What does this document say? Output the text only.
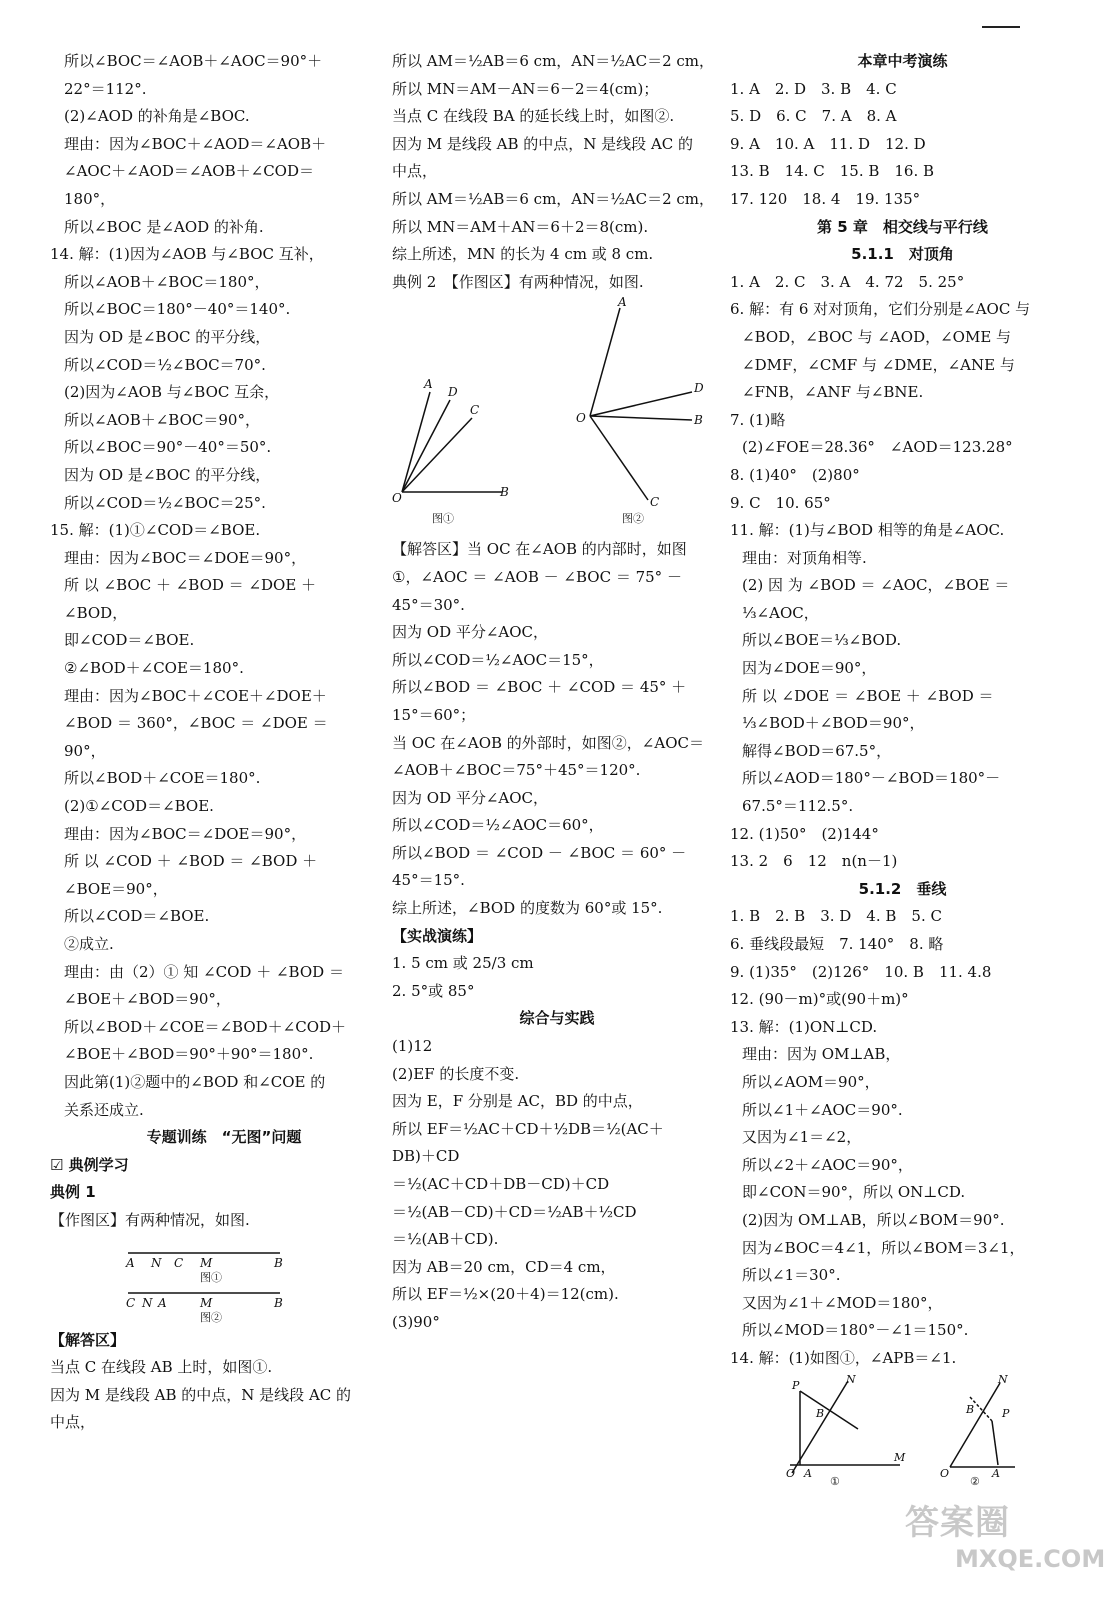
所以∠BOC＝∠AOB＋∠AOC＝90°＋
22°＝112°.
(2)∠AOD 的补角是∠BOC.
理由：因为∠BOC＋∠AOD＝∠AOB＋
∠AOC＋∠AOD＝∠AOB＋∠COD＝
180°，
所以∠BOC 是∠AOD 的补角.
14. 解：(1)因为∠AOB 与∠BOC 互补，
所以∠AOB＋∠BOC＝180°，
所以∠BOC＝180°－40°＝140°.
因为 OD 是∠BOC 的平分线，
所以∠COD＝½∠BOC＝70°.
(2)因为∠AOB 与∠BOC 互余，
所以∠AOB＋∠BOC＝90°，
所以∠BOC＝90°－40°＝50°.
因为 OD 是∠BOC 的平分线，
所以∠COD＝½∠BOC＝25°.
15. 解：(1)①∠COD＝∠BOE.
理由：因为∠BOC＝∠DOE＝90°，
所 以 ∠BOC ＋ ∠BOD ＝ ∠DOE ＋
∠BOD，
即∠COD＝∠BOE.
②∠BOD＋∠COE＝180°.
理由：因为∠BOC＋∠COE＋∠DOE＋
∠BOD ＝ 360°，∠BOC ＝ ∠DOE ＝
90°，
所以∠BOD＋∠COE＝180°.
(2)①∠COD＝∠BOE.
理由：因为∠BOC＝∠DOE＝90°，
所 以 ∠COD ＋ ∠BOD ＝ ∠BOD ＋
∠BOE＝90°，
所以∠COD＝∠BOE.
②成立.
理由：由（2）① 知 ∠COD ＋ ∠BOD ＝
∠BOE＋∠BOD＝90°，
所以∠BOD＋∠COE＝∠BOD＋∠COD＋
∠BOE＋∠BOD＝90°＋90°＝180°.
因此第(1)②题中的∠BOD 和∠COE 的
关系还成立.
专题训练　“无图”问题
☑ 典例学习
典例 1
【作图区】有两种情况，如图.
A N C M	B
图①
C N A	M	B
图②
【解答区】
当点 C 在线段 AB 上时，如图①.
因为 M 是线段 AB 的中点，N 是线段 AC 的
中点，
所以 AM＝½AB＝6 cm，AN＝½AC＝2 cm，
所以 MN＝AM－AN＝6－2＝4(cm)；
当点 C 在线段 BA 的延长线上时，如图②.
因为 M 是线段 AB 的中点，N 是线段 AC 的
中点，
所以 AM＝½AB＝6 cm，AN＝½AC＝2 cm，
所以 MN＝AM＋AN＝6＋2＝8(cm).
综上所述，MN 的长为 4 cm 或 8 cm.
典例 2　【作图区】有两种情况，如图.
A
D
C
O	B
A
D
O	B
C
图①	图②
【解答区】当 OC 在∠AOB 的内部时，如图
①，∠AOC ＝ ∠AOB － ∠BOC ＝ 75° －
45°＝30°.
因为 OD 平分∠AOC，
所以∠COD＝½∠AOC＝15°，
所以∠BOD ＝ ∠BOC ＋ ∠COD ＝ 45° ＋
15°＝60°；
当 OC 在∠AOB 的外部时，如图②，∠AOC＝
∠AOB＋∠BOC＝75°＋45°＝120°.
因为 OD 平分∠AOC，
所以∠COD＝½∠AOC＝60°，
所以∠BOD ＝ ∠COD － ∠BOC ＝ 60° －
45°＝15°.
综上所述，∠BOD 的度数为 60°或 15°.
【实战演练】
1. 5 cm 或 25/3 cm
2. 5°或 85°
综合与实践
(1)12
(2)EF 的长度不变.
因为 E，F 分别是 AC，BD 的中点，
所以 EF＝½AC＋CD＋½DB＝½(AC＋
DB)＋CD
＝½(AC＋CD＋DB－CD)＋CD
＝½(AB－CD)＋CD＝½AB＋½CD
＝½(AB＋CD).
因为 AB＝20 cm，CD＝4 cm，
所以 EF＝½×(20＋4)＝12(cm).
(3)90°
本章中考演练
1. A　2. D　3. B　4. C
5. D　6. C　7. A　8. A
9. A　10. A　11. D　12. D
13. B　14. C　15. B　16. B
17. 120　18. 4　19. 135°
第 5 章　相交线与平行线
5.1.1　对顶角
1. A　2. C　3. A　4. 72　5. 25°
6. 解：有 6 对对顶角，它们分别是∠AOC 与
∠BOD，∠BOC 与 ∠AOD，∠OME 与
∠DMF，∠CMF 与 ∠DME，∠ANE 与
∠FNB，∠ANF 与∠BNE.
7. (1)略
(2)∠FOE＝28.36°　∠AOD＝123.28°
8. (1)40°　(2)80°
9. C　10. 65°
11. 解：(1)与∠BOD 相等的角是∠AOC.
理由：对顶角相等.
(2) 因 为 ∠BOD ＝ ∠AOC，∠BOE ＝
⅓∠AOC，
所以∠BOE＝⅓∠BOD.
因为∠DOE＝90°，
所 以 ∠DOE ＝ ∠BOE ＋ ∠BOD ＝
⅓∠BOD＋∠BOD＝90°，
解得∠BOD＝67.5°，
所以∠AOD＝180°－∠BOD＝180°－
67.5°＝112.5°.
12. (1)50°　(2)144°
13. 2　6　12　n(n－1)
5.1.2　垂线
1. B　2. B　3. D　4. B　5. C
6. 垂线段最短　7. 140°　8. 略
9. (1)35°　(2)126°　10. B　11. 4.8
12. (90－m)°或(90＋m)°
13. 解：(1)ON⊥CD.
理由：因为 OM⊥AB，
所以∠AOM＝90°，
所以∠1＋∠AOC＝90°.
又因为∠1＝∠2，
所以∠2＋∠AOC＝90°，
即∠CON＝90°，所以 ON⊥CD.
(2)因为 OM⊥AB，所以∠BOM＝90°.
因为∠BOC＝4∠1，所以∠BOM＝3∠1，
所以∠1＝30°.
又因为∠1＋∠MOD＝180°，
所以∠MOD＝180°－∠1＝150°.
14. 解：(1)如图①，∠APB＝∠1.
P	N
B
O A
M
N
B	P
O	A
①	②
答案圈
MXQE.COM
